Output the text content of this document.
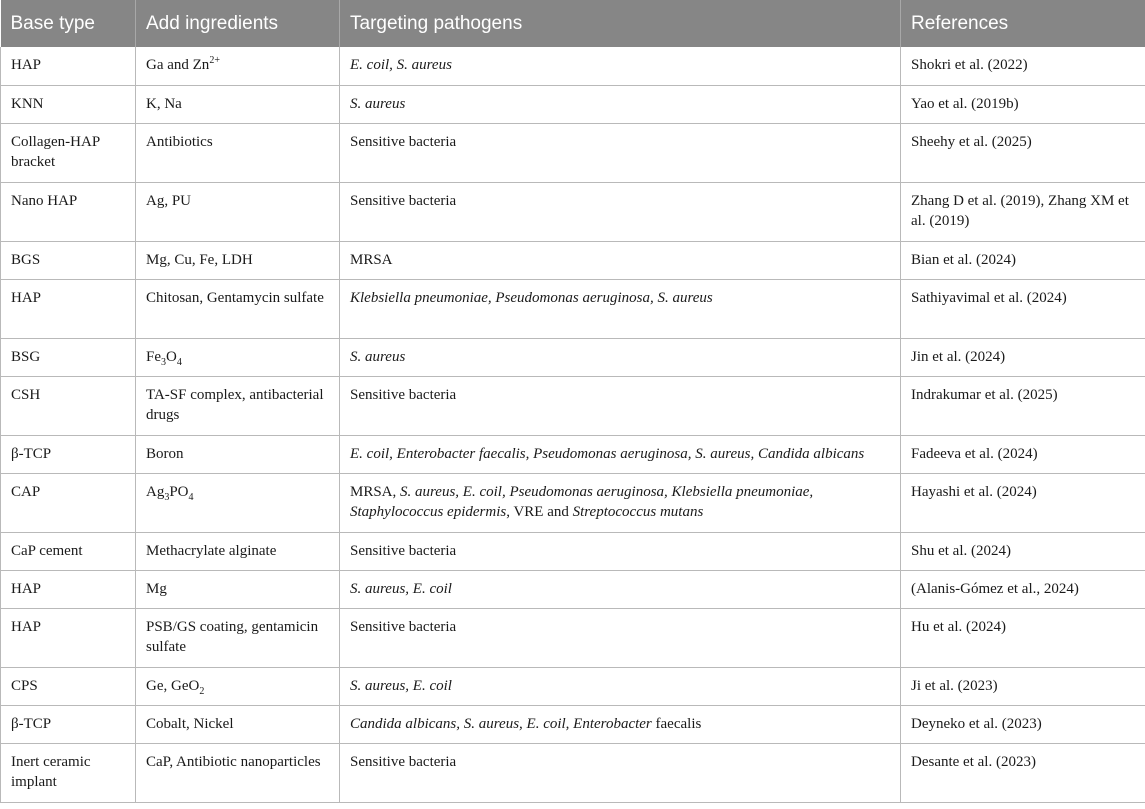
Base type	Add ingredients	Targeting pathogens	References
HAP	Ga and $Zn^{2+}$	E. coil, S. aureus	Shokri et al. (2022)
KNN	K, Na	S. aureus	Yao et al. (2019b)
Collagen-HAP bracket	Antibiotics	Sensitive bacteria	Sheehy et al. (2025)
Nano HAP	Ag, PU	Sensitive bacteria	Zhang D et al. (2019), Zhang XM et al. (2019)
BGS	Mg, Cu, Fe, LDH	MRSA	Bian et al. (2024)
HAP	Chitosan, Gentamycin sulfate	Klebsiella pneumoniae, Pseudomonas aeruginosa, S. aureus	Sathiyavimal et al. (2024)
BSG	$Fe_3O_4$	S. aureus	Jin et al. (2024)
CSH	TA-SF complex, antibacterial drugs	Sensitive bacteria	Indrakumar et al. (2025)
β-TCP	Boron	E. coil, Enterobacter faecalis, Pseudomonas aeruginosa, S. aureus, Candida albicans	Fadeeva et al. (2024)
CAP	$Ag_3PO_4$	MRSA, S. aureus, E. coil, Pseudomonas aeruginosa, Klebsiella pneumoniae, Staphylococcus epidermis, VRE and Streptococcus mutans	Hayashi et al. (2024)
CaP cement	Methacrylate alginate	Sensitive bacteria	Shu et al. (2024)
HAP	Mg	S. aureus, E. coil	(Alanis-Gómez et al., 2024)
HAP	PSB/GS coating, gentamicin sulfate	Sensitive bacteria	Hu et al. (2024)
CPS	Ge, GeO$_2$	S. aureus, E. coil	Ji et al. (2023)
β-TCP	Cobalt, Nickel	Candida albicans, S. aureus, E. coil, Enterobacter faecalis	Deyneko et al. (2023)
Inert ceramic implant	CaP, Antibiotic nanoparticles	Sensitive bacteria	Desante et al. (2023)
